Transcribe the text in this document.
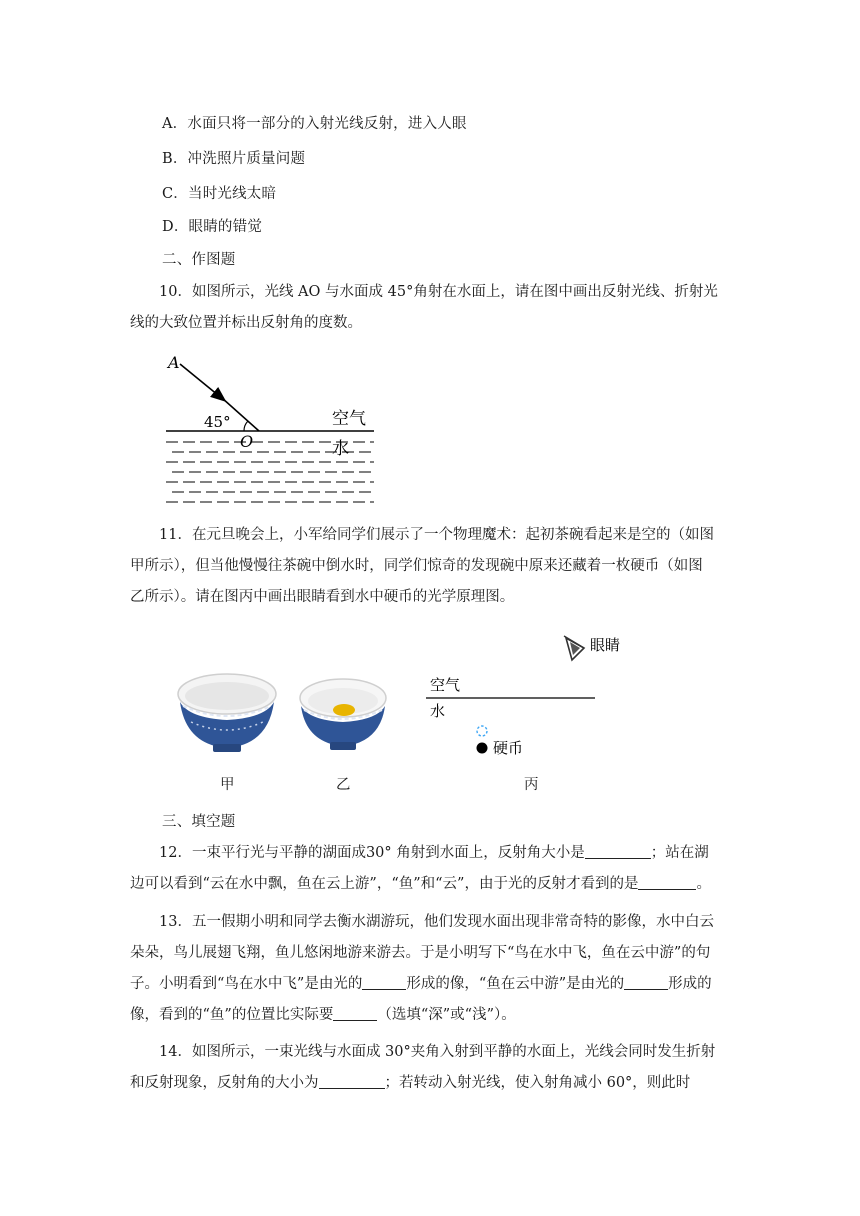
A．水面只将一部分的入射光线反射，进入人眼
B．冲洗照片质量问题
C．当时光线太暗
D．眼睛的错觉
二、作图题
10．如图所示，光线 AO 与水面成 45°角射在水面上，请在图中画出反射光线、折射光
线的大致位置并标出反射角的度数。
A
45°
O
空气
水
11．在元旦晚会上，小军给同学们展示了一个物理魔术：起初茶碗看起来是空的（如图
甲所示），但当他慢慢往茶碗中倒水时，同学们惊奇的发现碗中原来还藏着一枚硬币（如图
乙所示）。请在图丙中画出眼睛看到水中硬币的光学原理图。
眼睛
空气
水
硬币
甲	乙	丙
三、填空题
12．一束平行光与平静的湖面成30° 角射到水面上，反射角大小是	；站在湖
边可以看到“云在水中飘，鱼在云上游”，“鱼”和“云”，由于光的反射才看到的是	。
13．五一假期小明和同学去衡水湖游玩，他们发现水面出现非常奇特的影像，水中白云
朵朵，鸟儿展翅飞翔，鱼儿悠闲地游来游去。于是小明写下“鸟在水中飞，鱼在云中游”的句
子。小明看到“鸟在水中飞”是由光的	形成的像，“鱼在云中游”是由光的	形成的
像，看到的“鱼”的位置比实际要	（选填“深”或“浅”）。
14．如图所示，一束光线与水面成 30°夹角入射到平静的水面上，光线会同时发生折射
和反射现象，反射角的大小为	；若转动入射光线，使入射角减小 60°，则此时
